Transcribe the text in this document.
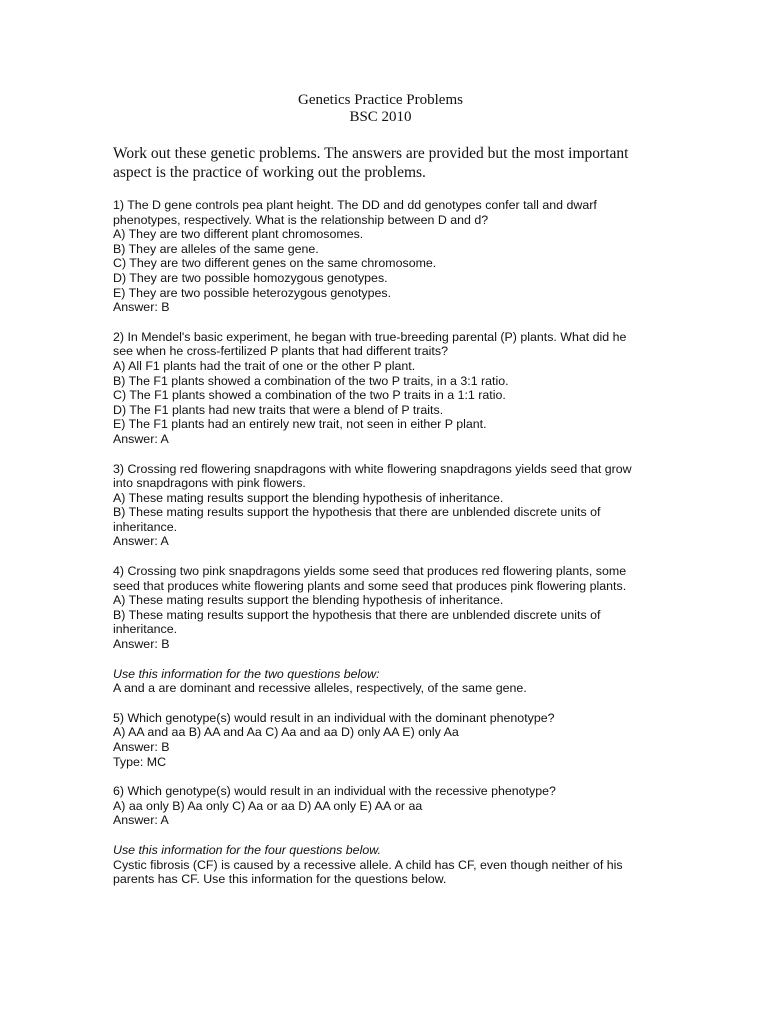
Genetics Practice Problems
BSC 2010
Work out these genetic problems. The answers are provided but the most important
aspect is the practice of working out the problems.
1) The D gene controls pea plant height. The DD and dd genotypes confer tall and dwarf
phenotypes, respectively. What is the relationship between D and d?
A) They are two different plant chromosomes.
B) They are alleles of the same gene.
C) They are two different genes on the same chromosome.
D) They are two possible homozygous genotypes.
E) They are two possible heterozygous genotypes.
Answer: B
2) In Mendel's basic experiment, he began with true-breeding parental (P) plants. What did he
see when he cross-fertilized P plants that had different traits?
A) All F1 plants had the trait of one or the other P plant.
B) The F1 plants showed a combination of the two P traits, in a 3:1 ratio.
C) The F1 plants showed a combination of the two P traits in a 1:1 ratio.
D) The F1 plants had new traits that were a blend of P traits.
E) The F1 plants had an entirely new trait, not seen in either P plant.
Answer: A
3) Crossing red flowering snapdragons with white flowering snapdragons yields seed that grow
into snapdragons with pink flowers.
A) These mating results support the blending hypothesis of inheritance.
B) These mating results support the hypothesis that there are unblended discrete units of
inheritance.
Answer: A
4) Crossing two pink snapdragons yields some seed that produces red flowering plants, some
seed that produces white flowering plants and some seed that produces pink flowering plants.
A) These mating results support the blending hypothesis of inheritance.
B) These mating results support the hypothesis that there are unblended discrete units of
inheritance.
Answer: B
Use this information for the two questions below:
A and a are dominant and recessive alleles, respectively, of the same gene.
5) Which genotype(s) would result in an individual with the dominant phenotype?
A) AA and aa B) AA and Aa C) Aa and aa D) only AA E) only Aa
Answer: B
Type: MC
6) Which genotype(s) would result in an individual with the recessive phenotype?
A) aa only B) Aa only C) Aa or aa D) AA only E) AA or aa
Answer: A
Use this information for the four questions below.
Cystic fibrosis (CF) is caused by a recessive allele. A child has CF, even though neither of his
parents has CF. Use this information for the questions below.
